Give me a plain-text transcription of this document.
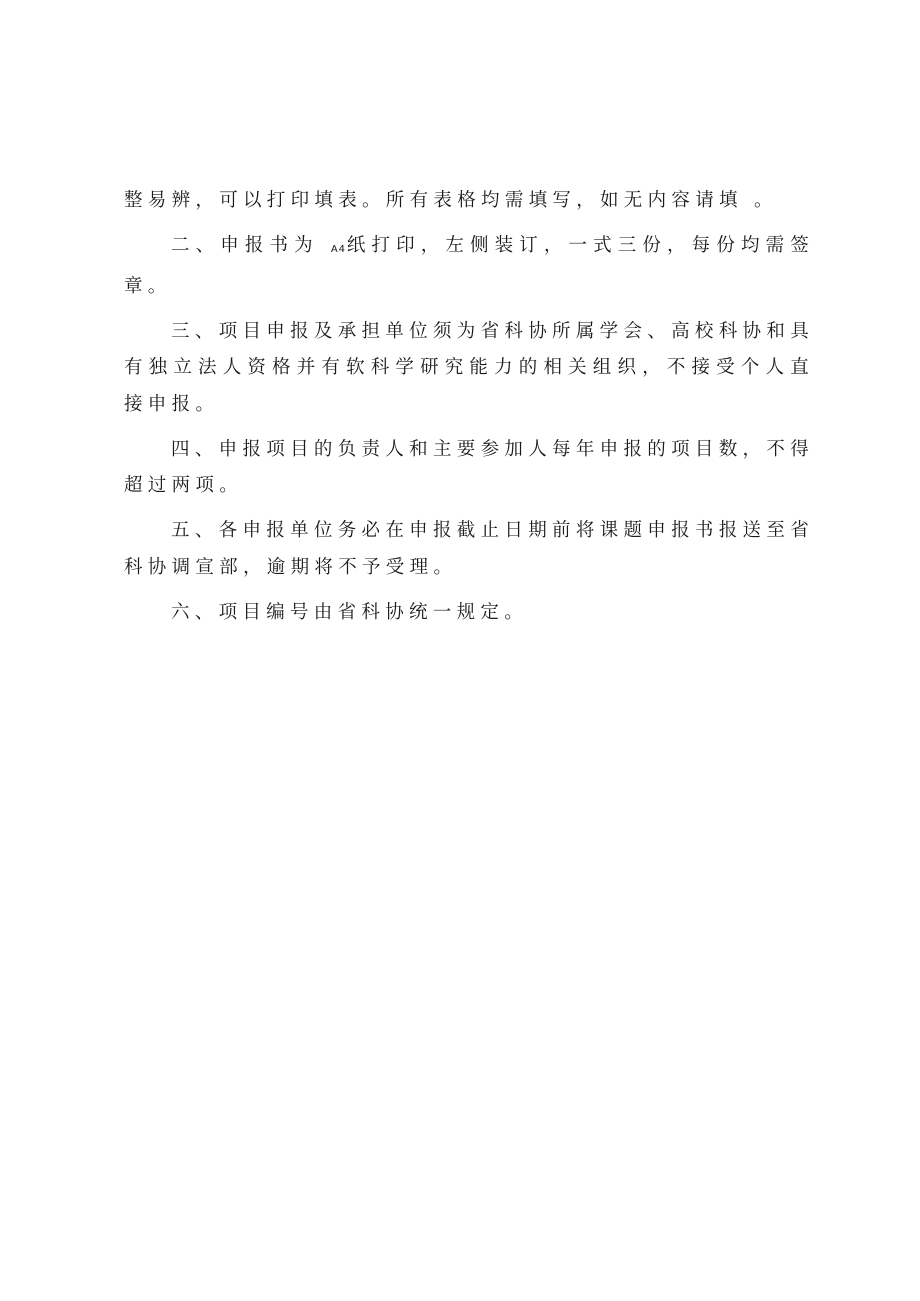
整易辨，可以打印填表。所有表格均需填写，如无内容请填 。

二、申报书为 A4纸打印，左侧装订，一式三份，每份均需签章。

三、项目申报及承担单位须为省科协所属学会、高校科协和具有独立法人资格并有软科学研究能力的相关组织，不接受个人直接申报。

四、申报项目的负责人和主要参加人每年申报的项目数，不得超过两项。

五、各申报单位务必在申报截止日期前将课题申报书报送至省科协调宣部，逾期将不予受理。

六、项目编号由省科协统一规定。
